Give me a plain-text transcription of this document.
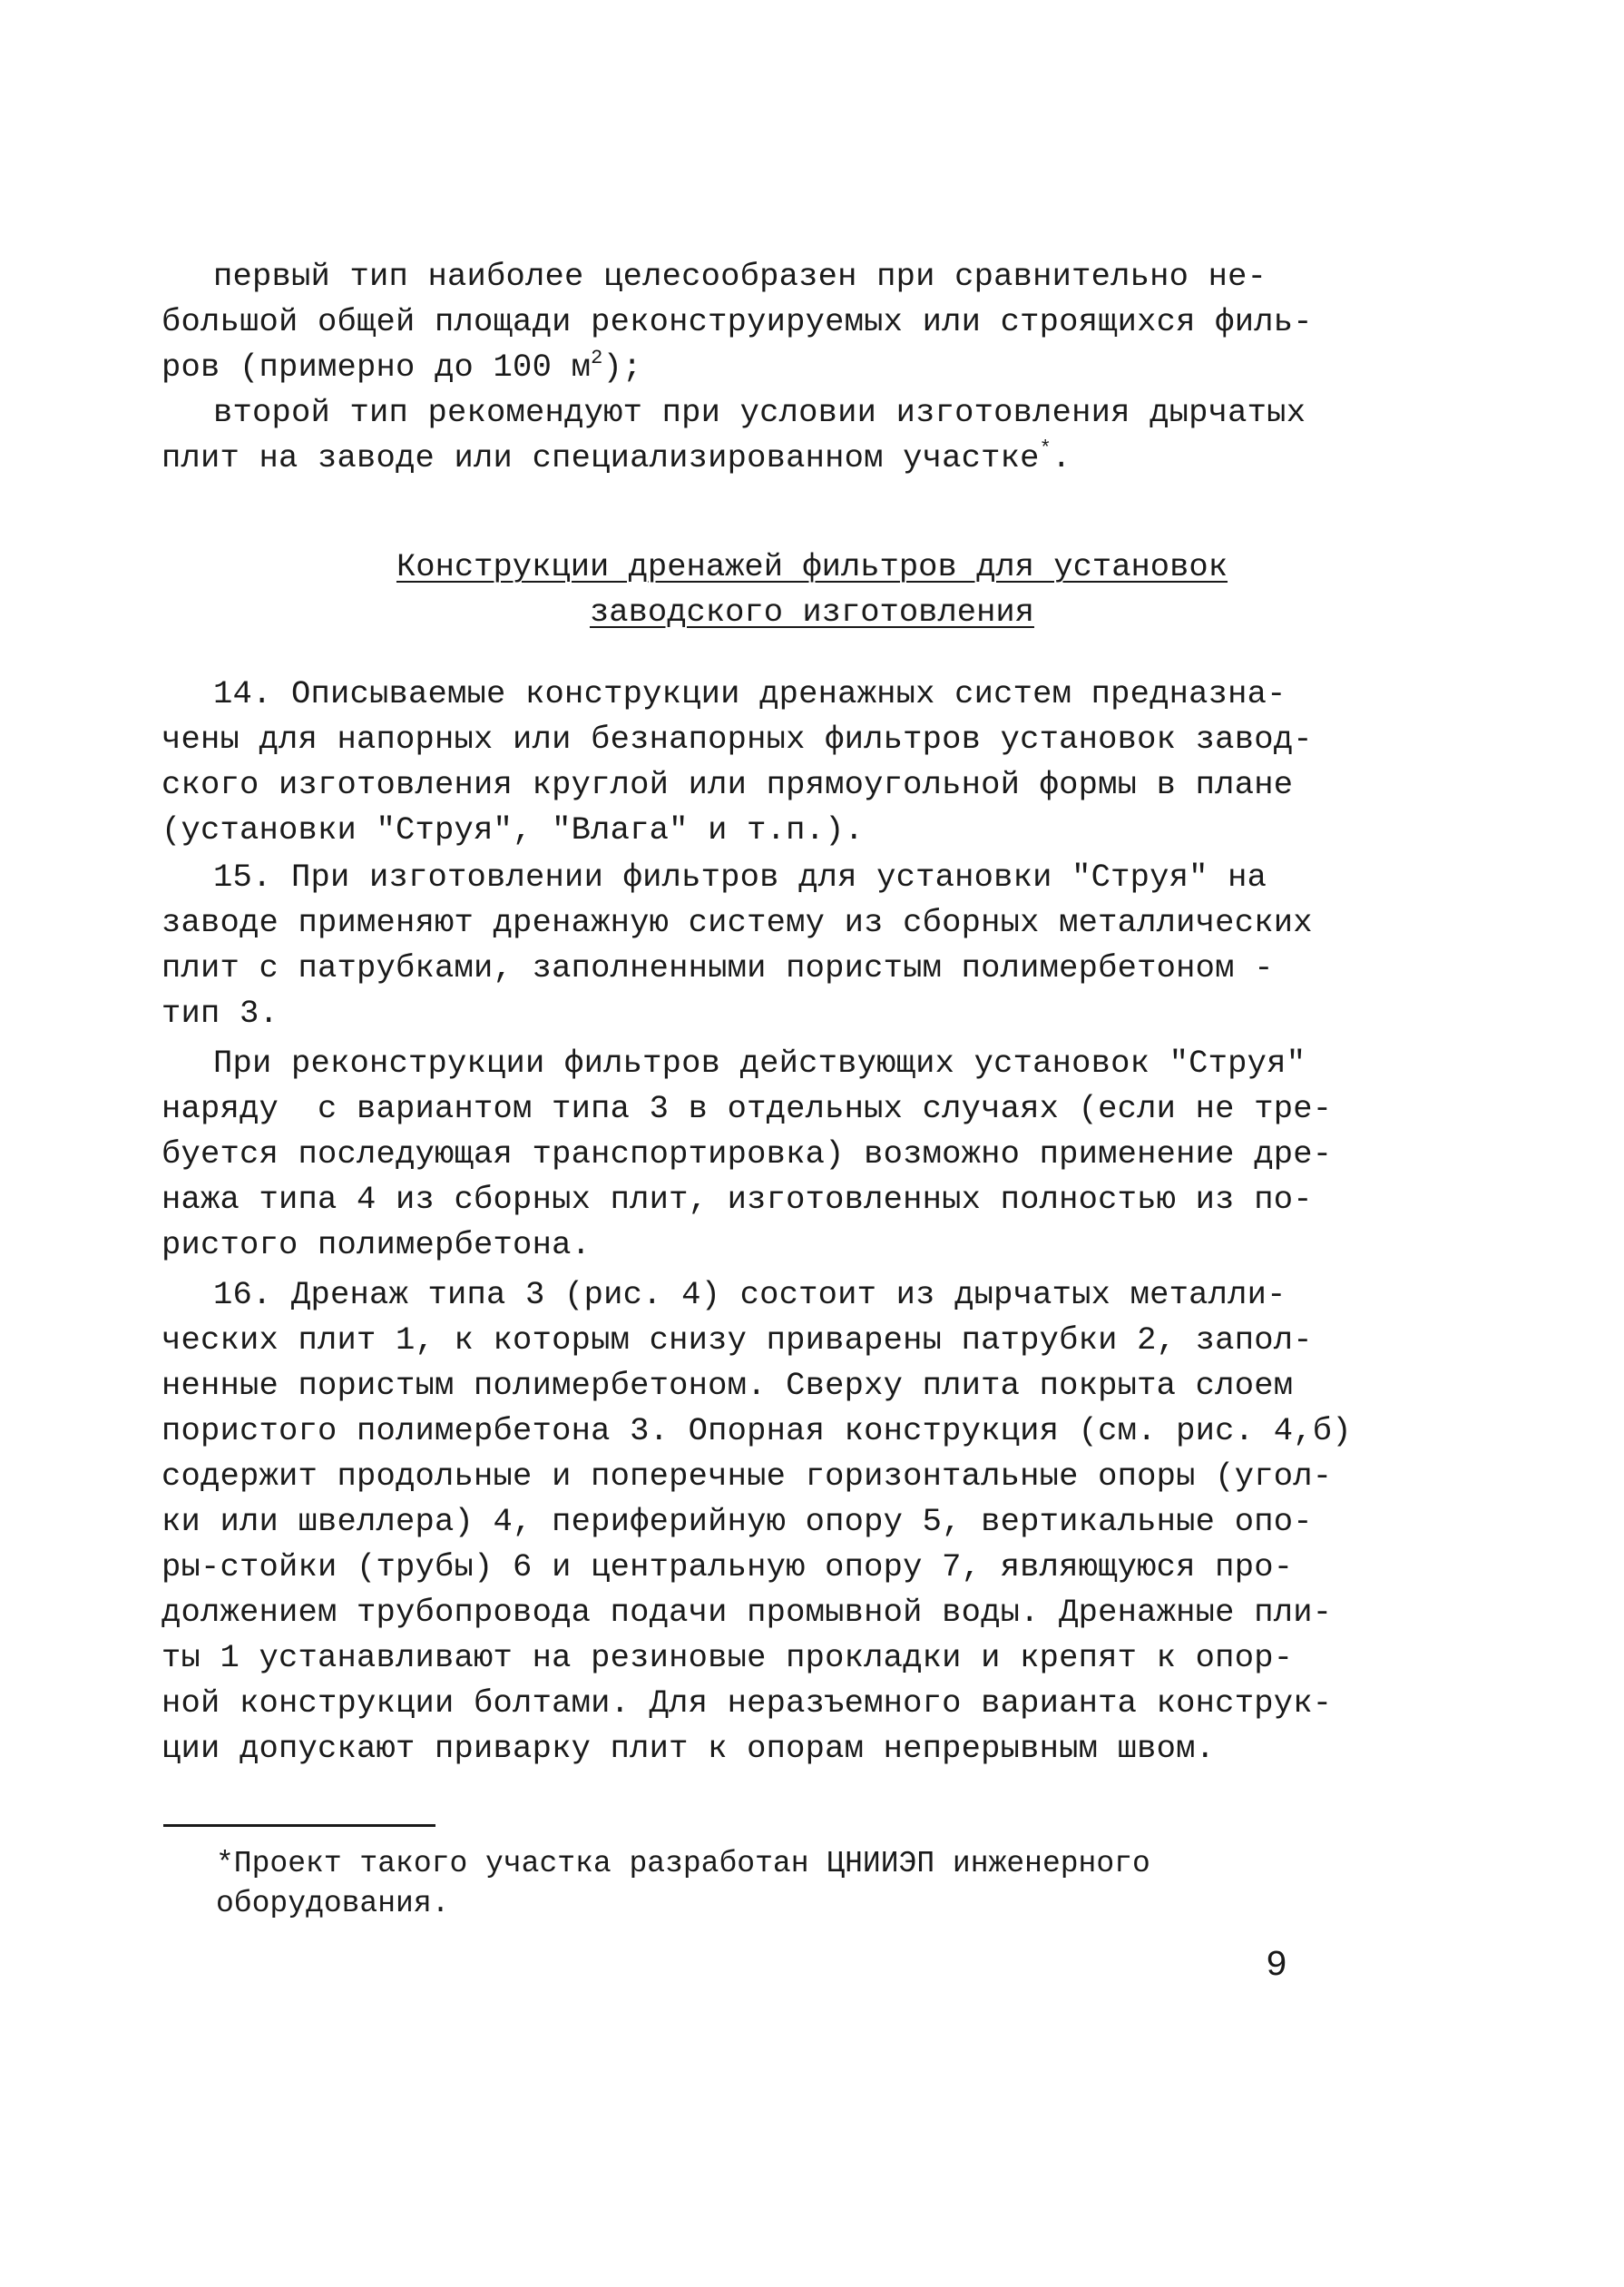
первый тип наиболее целесообразен при сравнительно не-
большой общей площади реконструируемых или строящихся филь-
ров (примерно до 100 $м^2$);
второй тип рекомендуют при условии изготовления дырчатых
плит на заводе или специализированном участке*.
Конструкции дренажей фильтров для установок
заводского изготовления
14. Описываемые конструкции дренажных систем предназна-
чены для напорных или безнапорных фильтров установок завод-
ского изготовления круглой или прямоугольной формы в плане
(установки "Струя", "Влага" и т.п.).
15. При изготовлении фильтров для установки "Струя" на
заводе применяют дренажную систему из сборных металлических
плит с патрубками, заполненными пористым полимербетоном -
тип 3.
При реконструкции фильтров действующих установок "Струя"
наряду  с вариантом типа 3 в отдельных случаях (если не тре-
буется последующая транспортировка) возможно применение дре-
нажа типа 4 из сборных плит, изготовленных полностью из по-
ристого полимербетона.
16. Дренаж типа 3 (рис. 4) состоит из дырчатых металли-
ческих плит 1, к которым снизу приварены патрубки 2, запол-
ненные пористым полимербетоном. Сверху плита покрыта слоем
пористого полимербетона 3. Опорная конструкция (см. рис. 4,б)
содержит продольные и поперечные горизонтальные опоры (угол-
ки или швеллера) 4, периферийную опору 5, вертикальные опо-
ры-стойки (трубы) 6 и центральную опору 7, являющуюся про-
должением трубопровода подачи промывной воды. Дренажные пли-
ты 1 устанавливают на резиновые прокладки и крепят к опор-
ной конструкции болтами. Для неразъемного варианта конструк-
ции допускают приварку плит к опорам непрерывным швом.
*Проект такого участка разработан ЦНИИЭП инженерного
оборудования.
9
